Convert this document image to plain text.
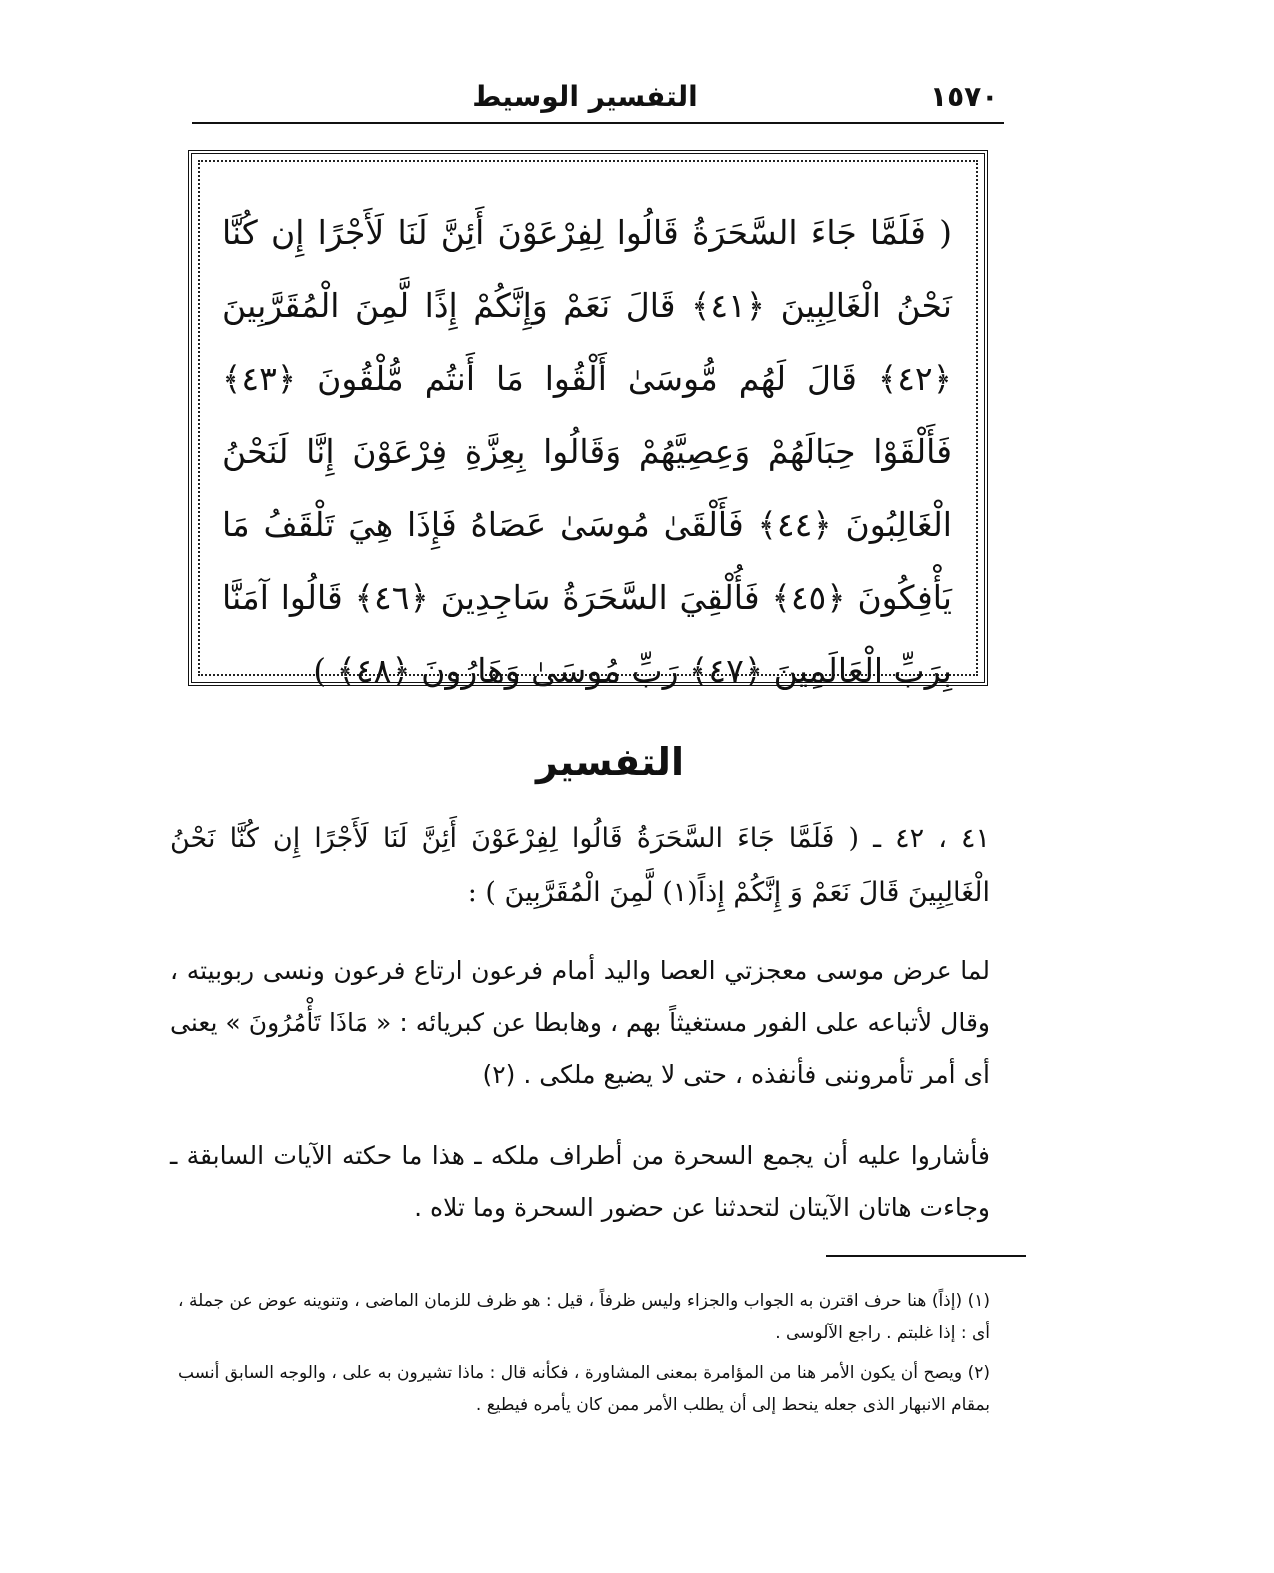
١٥٧٠
التفسير الوسيط
( فَلَمَّا جَاءَ السَّحَرَةُ قَالُوا لِفِرْعَوْنَ أَئِنَّ لَنَا لَأَجْرًا إِن كُنَّا نَحْنُ الْغَالِبِينَ ﴿٤١﴾ قَالَ نَعَمْ وَإِنَّكُمْ إِذًا لَّمِنَ الْمُقَرَّبِينَ ﴿٤٢﴾ قَالَ لَهُم مُّوسَىٰ أَلْقُوا مَا أَنتُم مُّلْقُونَ ﴿٤٣﴾ فَأَلْقَوْا حِبَالَهُمْ وَعِصِيَّهُمْ وَقَالُوا بِعِزَّةِ فِرْعَوْنَ إِنَّا لَنَحْنُ الْغَالِبُونَ ﴿٤٤﴾ فَأَلْقَىٰ مُوسَىٰ عَصَاهُ فَإِذَا هِيَ تَلْقَفُ مَا يَأْفِكُونَ ﴿٤٥﴾ فَأُلْقِيَ السَّحَرَةُ سَاجِدِينَ ﴿٤٦﴾ قَالُوا آمَنَّا بِرَبِّ الْعَالَمِينَ ﴿٤٧﴾ رَبِّ مُوسَىٰ وَهَارُونَ ﴿٤٨﴾ )
التفسير
٤١ ، ٤٢ ـ ( فَلَمَّا جَاءَ السَّحَرَةُ قَالُوا لِفِرْعَوْنَ أَئِنَّ لَنَا لَأَجْرًا إِن كُنَّا نَحْنُ الْغَالِبِينَ قَالَ نَعَمْ وَ إِنَّكُمْ إِذاً(١) لَّمِنَ الْمُقَرَّبِينَ ) :
لما عرض موسى معجزتي العصا واليد أمام فرعون ارتاع فرعون ونسى ربوبيته ، وقال لأتباعه على الفور مستغيثاً بهم ، وهابطا عن كبريائه : « مَاذَا تَأْمُرُونَ » يعنى أى أمر تأمروننى فأنفذه ، حتى لا يضيع ملكى . (٢)
فأشاروا عليه أن يجمع السحرة من أطراف ملكه ـ هذا ما حكته الآيات السابقة ـ وجاءت هاتان الآيتان لتحدثنا عن حضور السحرة وما تلاه .
(١) (إذاً) هنا حرف اقترن به الجواب والجزاء وليس ظرفاً ، قيل : هو ظرف للزمان الماضى ، وتنوينه عوض عن جملة ، أى : إذا غلبتم . راجع الآلوسى .
(٢) ويصح أن يكون الأمر هنا من المؤامرة بمعنى المشاورة ، فكأنه قال : ماذا تشيرون به على ، والوجه السابق أنسب بمقام الانبهار الذى جعله ينحط إلى أن يطلب الأمر ممن كان يأمره فيطيع .
